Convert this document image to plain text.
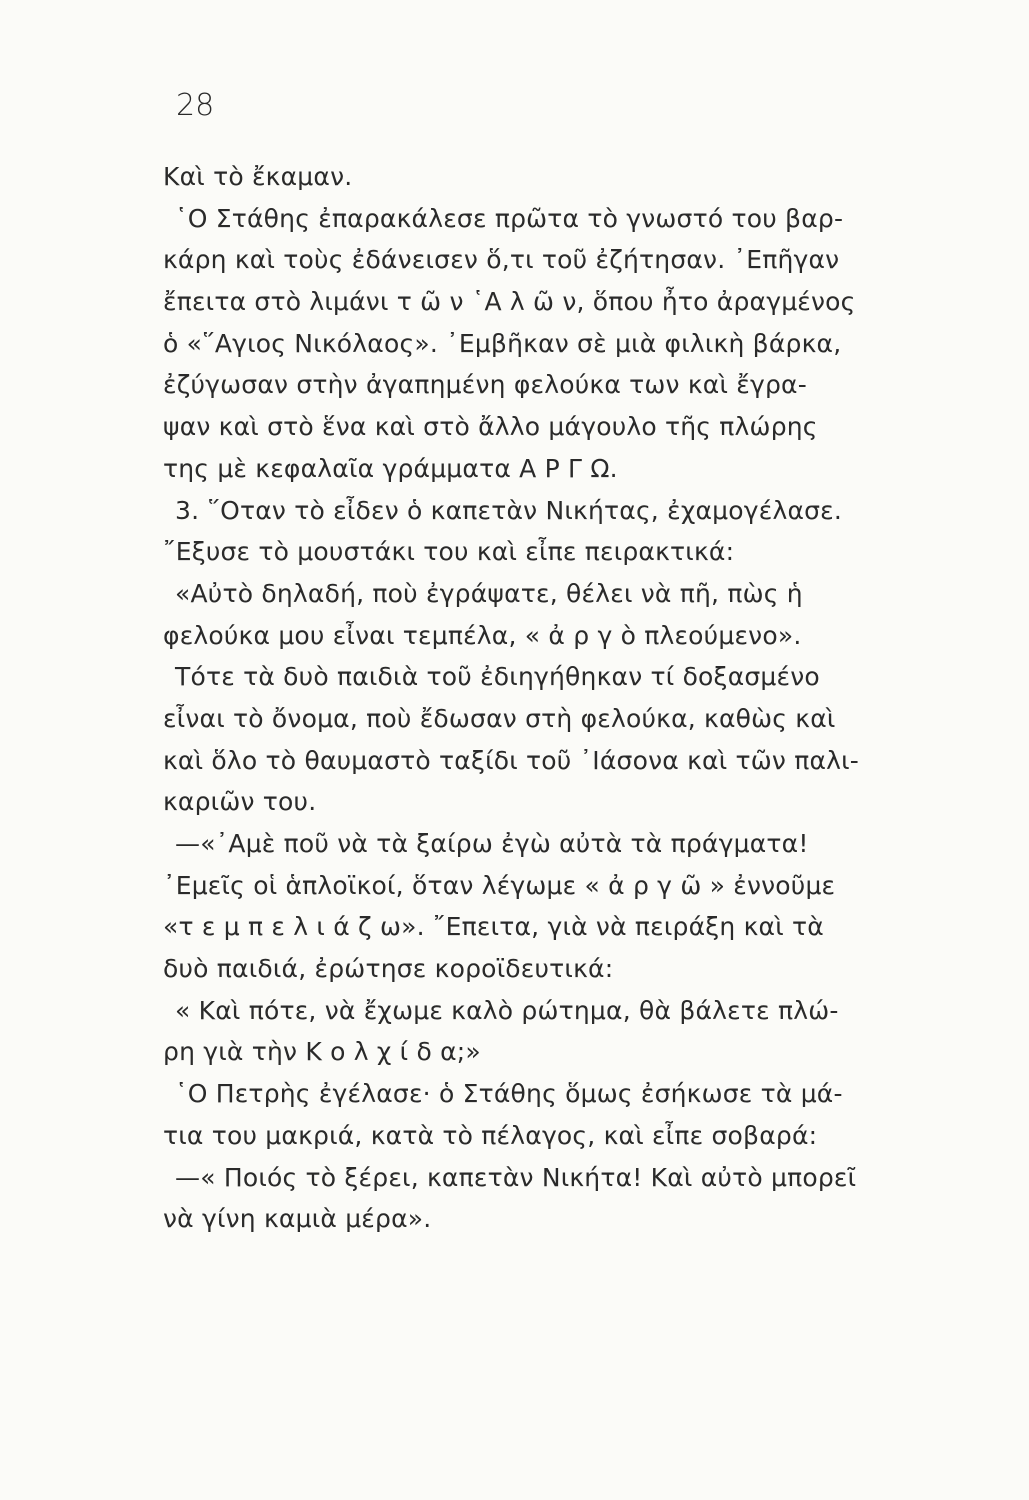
28
Καὶ τὸ ἔκαμαν.
῾Ο Στάθης ἐπαρακάλεσε πρῶτα τὸ γνωστό του βαρ-
κάρη καὶ τοὺς ἐδάνεισεν ὅ,τι τοῦ ἐζήτησαν. ᾿Επῆγαν
ἔπειτα στὸ λιμάνι τ ῶ ν ῾Α λ ῶ ν, ὅπου ἦτο ἀραγμένος
ὁ «῞Αγιος Νικόλαος». ᾿Εμβῆκαν σὲ μιὰ φιλικὴ βάρκα,
ἐζύγωσαν στὴν ἀγαπημένη φελούκα των καὶ ἔγρα-
ψαν καὶ στὸ ἕνα καὶ στὸ ἄλλο μάγουλο τῆς πλώρης
της μὲ κεφαλαῖα γράμματα Α Ρ Γ Ω.
3. ῞Οταν τὸ εἶδεν ὁ καπετὰν Νικήτας, ἐχαμογέλασε.
῎Εξυσε τὸ μουστάκι του καὶ εἶπε πειρακτικά:
«Αὐτὸ δηλαδή, ποὺ ἐγράψατε, θέλει νὰ πῆ, πὼς ἡ
φελούκα μου εἶναι τεμπέλα, « ἀ ρ γ ὸ πλεούμενο».
Τότε τὰ δυὸ παιδιὰ τοῦ ἐδιηγήθηκαν τί δοξασμένο
εἶναι τὸ ὄνομα, ποὺ ἔδωσαν στὴ φελούκα, καθὼς καὶ
καὶ ὅλο τὸ θαυμαστὸ ταξίδι τοῦ ᾿Ιάσονα καὶ τῶν παλι-
καριῶν του.
—«᾿Αμὲ ποῦ νὰ τὰ ξαίρω ἐγὼ αὐτὰ τὰ πράγματα!
᾿Εμεῖς οἱ ἁπλοϊκοί, ὅταν λέγωμε « ἀ ρ γ ῶ » ἐννοῦμε
«τ ε μ π ε λ ι ά ζ ω». ῎Επειτα, γιὰ νὰ πειράξη καὶ τὰ
δυὸ παιδιά, ἐρώτησε κοροϊδευτικά:
« Καὶ πότε, νὰ ἔχωμε καλὸ ρώτημα, θὰ βάλετε πλώ-
ρη γιὰ τὴν Κ ο λ χ ί δ α;»
῾Ο Πετρὴς ἐγέλασε· ὁ Στάθης ὅμως ἐσήκωσε τὰ μά-
τια του μακριά, κατὰ τὸ πέλαγος, καὶ εἶπε σοβαρά:
—« Ποιός τὸ ξέρει, καπετὰν Νικήτα! Καὶ αὐτὸ μπορεῖ
νὰ γίνη καμιὰ μέρα».
